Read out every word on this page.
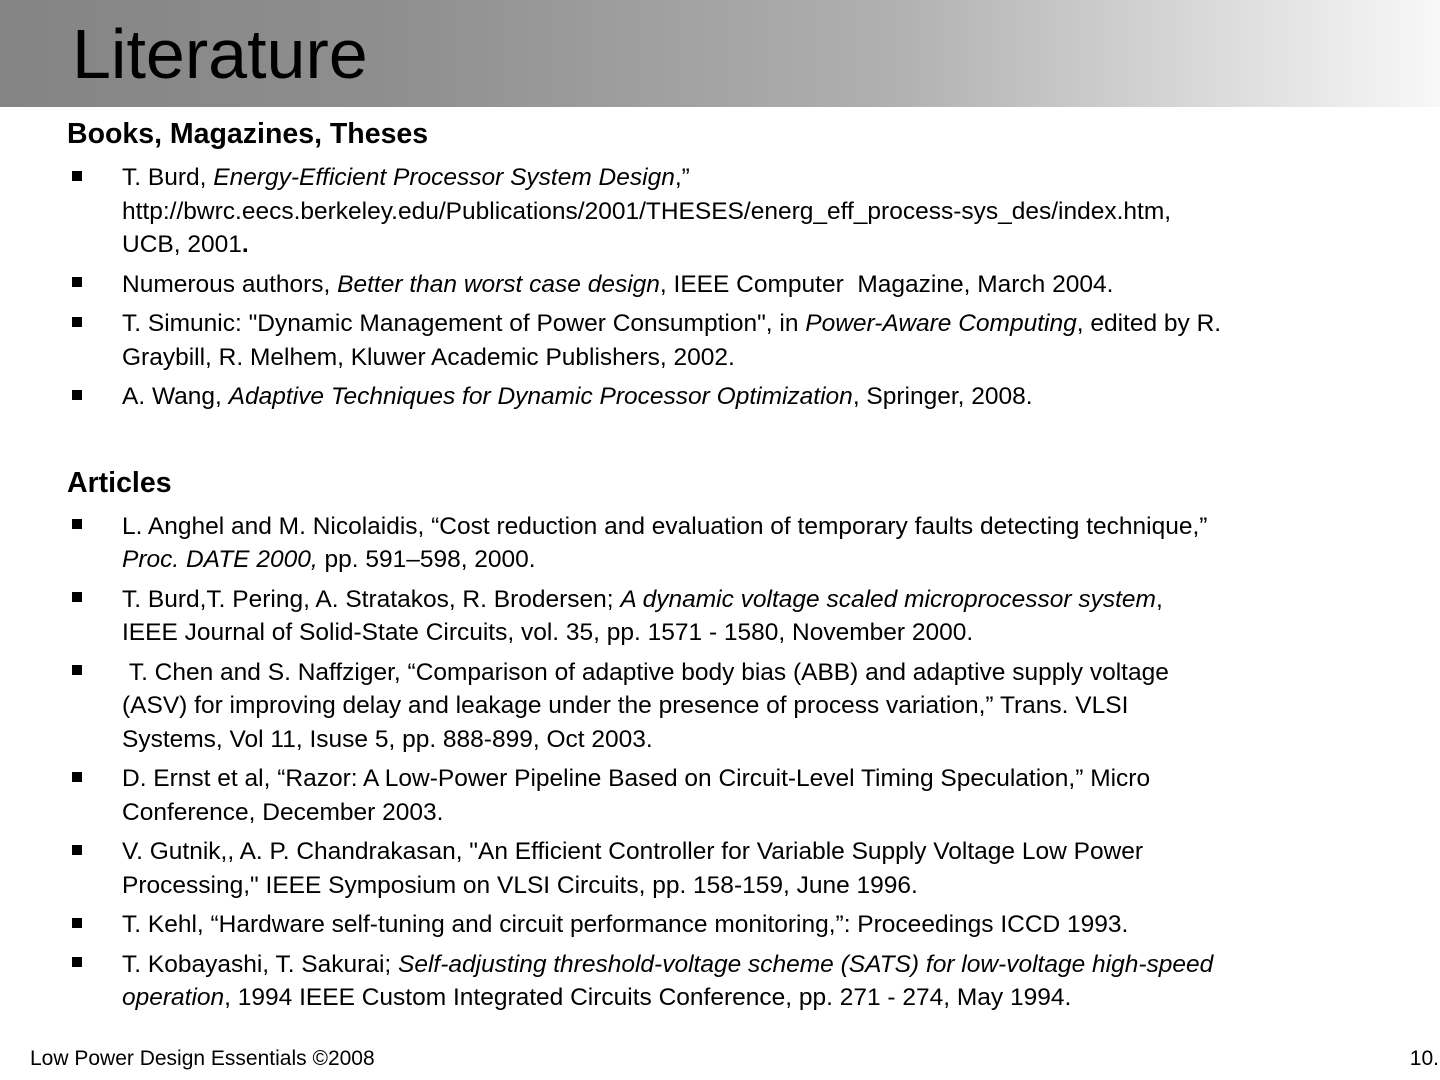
Literature
Books, Magazines, Theses
T. Burd, Energy-Efficient Processor System Design,”
http://bwrc.eecs.berkeley.edu/Publications/2001/THESES/energ_eff_process-sys_des/index.htm,
UCB, 2001.
Numerous authors, Better than worst case design, IEEE Computer  Magazine, March 2004.
T. Simunic: "Dynamic Management of Power Consumption", in Power-Aware Computing, edited by R.
Graybill, R. Melhem, Kluwer Academic Publishers, 2002.
A. Wang, Adaptive Techniques for Dynamic Processor Optimization, Springer, 2008.
Articles
L. Anghel and M. Nicolaidis, “Cost reduction and evaluation of temporary faults detecting technique,”
Proc. DATE 2000, pp. 591–598, 2000.
T. Burd,T. Pering, A. Stratakos, R. Brodersen; A dynamic voltage scaled microprocessor system,
IEEE Journal of Solid-State Circuits, vol. 35, pp. 1571 - 1580, November 2000.
T. Chen and S. Naffziger, “Comparison of adaptive body bias (ABB) and adaptive supply voltage
(ASV) for improving delay and leakage under the presence of process variation,” Trans. VLSI
Systems, Vol 11, Isuse 5, pp. 888-899, Oct 2003.
D. Ernst et al, “Razor: A Low-Power Pipeline Based on Circuit-Level Timing Speculation,” Micro
Conference, December 2003.
V. Gutnik,, A. P. Chandrakasan, "An Efficient Controller for Variable Supply Voltage Low Power
Processing," IEEE Symposium on VLSI Circuits, pp. 158-159, June 1996.
T. Kehl, “Hardware self-tuning and circuit performance monitoring,”: Proceedings ICCD 1993.
T. Kobayashi, T. Sakurai; Self-adjusting threshold-voltage scheme (SATS) for low-voltage high-speed
operation, 1994 IEEE Custom Integrated Circuits Conference, pp. 271 - 274, May 1994.
Low Power Design Essentials ©2008	10.
